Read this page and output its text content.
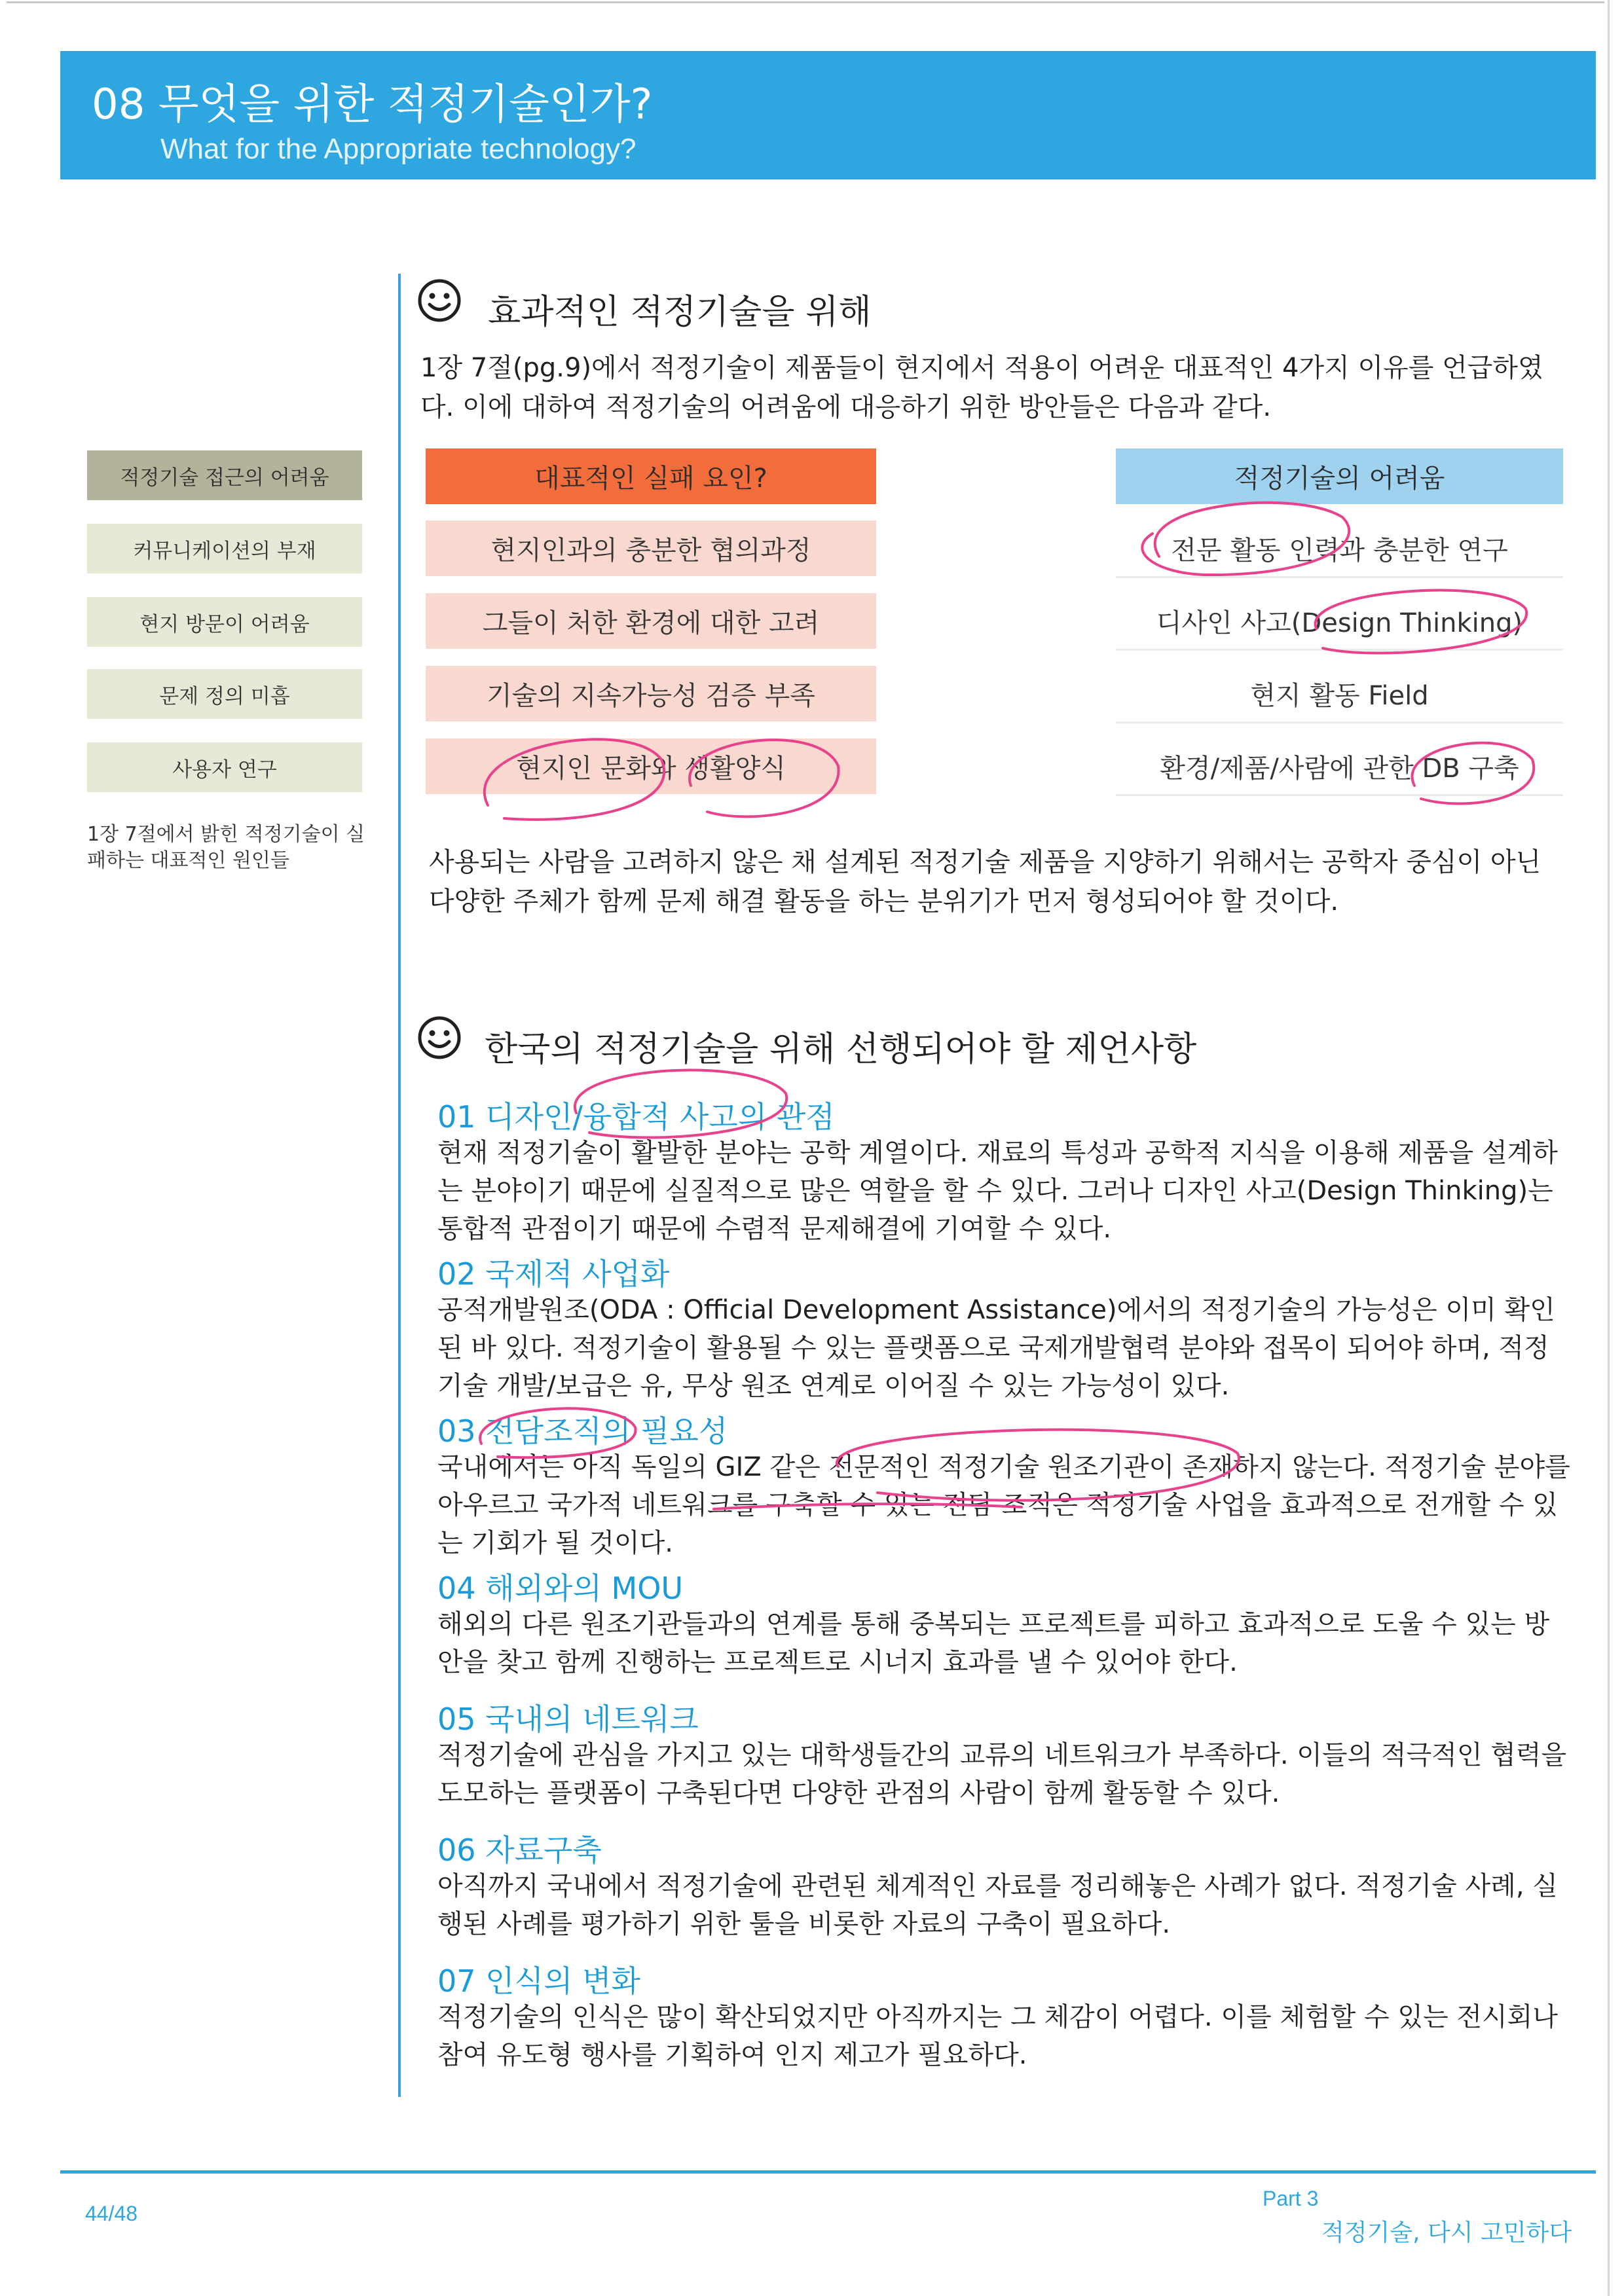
08 무엇을 위한 적정기술인가?
What for the Appropriate technology?
효과적인 적정기술을 위해
1장 7절(pg.9)에서 적정기술이 제품들이 현지에서 적용이 어려운 대표적인 4가지 이유를 언급하였다. 이에 대하여 적정기술의 어려움에 대응하기 위한 방안들은 다음과 같다.
적정기술 접근의 어려움
커뮤니케이션의 부재
현지 방문이 어려움
문제 정의 미흡
사용자 연구
1장 7절에서 밝힌 적정기술이 실패하는 대표적인 원인들
대표적인 실패 요인?
현지인과의 충분한 협의과정
그들이 처한 환경에 대한 고려
기술의 지속가능성 검증 부족
현지인 문화와 생활양식
적정기술의 어려움
전문 활동 인력과 충분한 연구
디사인 사고(Design Thinking)
현지 활동 Field
환경/제품/사람에 관한 DB 구축
사용되는 사람을 고려하지 않은 채 설계된 적정기술 제품을 지양하기 위해서는 공학자 중심이 아닌 다양한 주체가 함께 문제 해결 활동을 하는 분위기가 먼저 형성되어야 할 것이다.
한국의 적정기술을 위해 선행되어야 할 제언사항
01 디자인/융합적 사고의 관점
현재 적정기술이 활발한 분야는 공학 계열이다. 재료의 특성과 공학적 지식을 이용해 제품을 설계하는 분야이기 때문에 실질적으로 많은 역할을 할 수 있다. 그러나 디자인 사고(Design Thinking)는 통합적 관점이기 때문에 수렴적 문제해결에 기여할 수 있다.
02 국제적 사업화
공적개발원조(ODA : Official Development Assistance)에서의 적정기술의 가능성은 이미 확인된 바 있다. 적정기술이 활용될 수 있는 플랫폼으로 국제개발협력 분야와 접목이 되어야 하며, 적정기술 개발/보급은 유, 무상 원조 연계로 이어질 수 있는 가능성이 있다.
03 전담조직의 필요성
국내에서는 아직 독일의 GIZ 같은 전문적인 적정기술 원조기관이 존재하지 않는다. 적정기술 분야를 아우르고 국가적 네트워크를 구축할 수 있는 전담 조직은 적정기술 사업을 효과적으로 전개할 수 있는 기회가 될 것이다.
04 해외와의 MOU
해외의 다른 원조기관들과의 연계를 통해 중복되는 프로젝트를 피하고 효과적으로 도울 수 있는 방안을 찾고 함께 진행하는 프로젝트로 시너지 효과를 낼 수 있어야 한다.
05 국내의 네트워크
적정기술에 관심을 가지고 있는 대학생들간의 교류의 네트워크가 부족하다. 이들의 적극적인 협력을 도모하는 플랫폼이 구축된다면 다양한 관점의 사람이 함께 활동할 수 있다.
06 자료구축
아직까지 국내에서 적정기술에 관련된 체계적인 자료를 정리해놓은 사례가 없다. 적정기술 사례, 실행된 사례를 평가하기 위한 툴을 비롯한 자료의 구축이 필요하다.
07 인식의 변화
적정기술의 인식은 많이 확산되었지만 아직까지는 그 체감이 어렵다. 이를 체험할 수 있는 전시회나 참여 유도형 행사를 기획하여 인지 제고가 필요하다.
44/48
Part 3
적정기술, 다시 고민하다
